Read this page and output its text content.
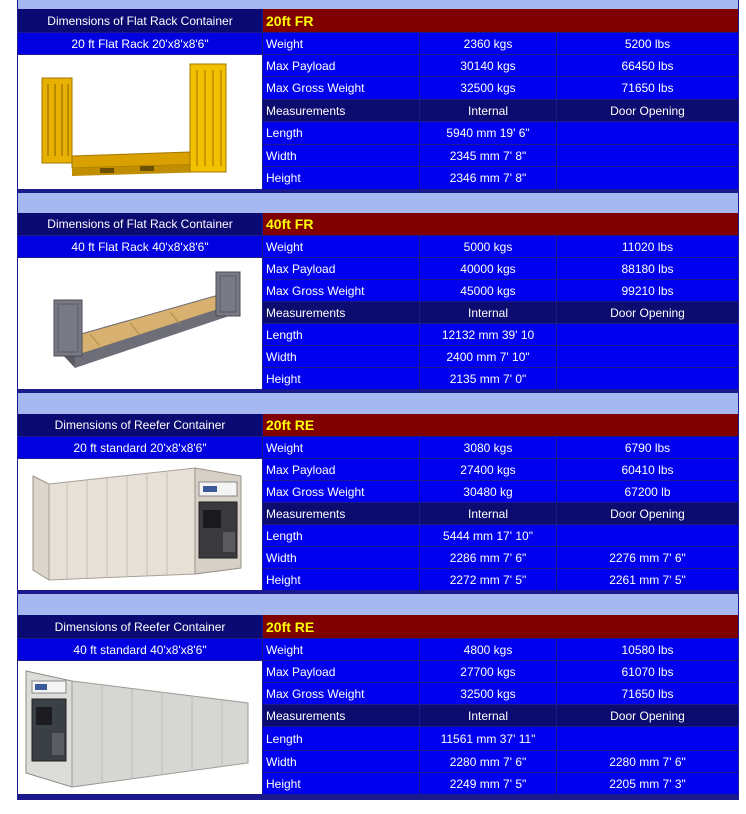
Dimensions of Flat Rack Container	20ft FR
20 ft Flat Rack 20'x8'x8'6"	Weight	2360 kgs	5200 lbs
Max Payload	30140 kgs	66450 lbs
Max Gross Weight	32500 kgs	71650 lbs
Measurements	Internal	Door Opening
Length	5940 mm 19' 6"
Width	2345 mm 7' 8"
Height	2346 mm 7' 8"
Dimensions of Flat Rack Container	40ft FR
40 ft Flat Rack 40'x8'x8'6"	Weight	5000 kgs	11020 lbs
Max Payload	40000 kgs	88180 lbs
Max Gross Weight	45000 kgs	99210 lbs
Measurements	Internal	Door Opening
Length	12132 mm 39' 10
Width	2400 mm 7' 10"
Height	2135 mm 7' 0"
Dimensions of Reefer Container	20ft RE
20 ft standard 20'x8'x8'6"	Weight	3080 kgs	6790 lbs
Max Payload	27400 kgs	60410 lbs
Max Gross Weight	30480 kg	67200 lb
Measurements	Internal	Door Opening
Length	5444 mm 17' 10"
Width	2286 mm 7' 6"	2276 mm 7' 6"
Height	2272 mm 7' 5"	2261 mm 7' 5"
Dimensions of Reefer Container	20ft RE
40 ft standard 40'x8'x8'6"	Weight	4800 kgs	10580 lbs
Max Payload	27700 kgs	61070 lbs
Max Gross Weight	32500 kgs	71650 lbs
Measurements	Internal	Door Opening
Length	11561 mm 37' 11"
Width	2280 mm 7' 6"	2280 mm 7' 6"
Height	2249 mm 7' 5"	2205 mm 7' 3"
